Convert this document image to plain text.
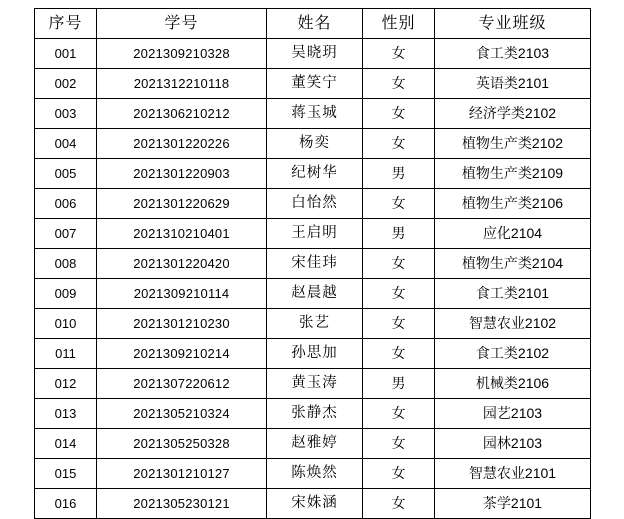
序号	学号	姓名	性别	专业班级
001	2021309210328	吴晓玥	女	食工类2103
002	2021312210118	董笑宁	女	英语类2101
003	2021306210212	蒋玉城	女	经济学类2102
004	2021301220226	杨奕	女	植物生产类2102
005	2021301220903	纪树华	男	植物生产类2109
006	2021301220629	白怡然	女	植物生产类2106
007	2021310210401	王启明	男	应化2104
008	2021301220420	宋佳玮	女	植物生产类2104
009	2021309210114	赵晨越	女	食工类2101
010	2021301210230	张艺	女	智慧农业2102
011	2021309210214	孙思加	女	食工类2102
012	2021307220612	黄玉涛	男	机械类2106
013	2021305210324	张静杰	女	园艺2103
014	2021305250328	赵雅婷	女	园林2103
015	2021301210127	陈焕然	女	智慧农业2101
016	2021305230121	宋姝涵	女	茶学2101
